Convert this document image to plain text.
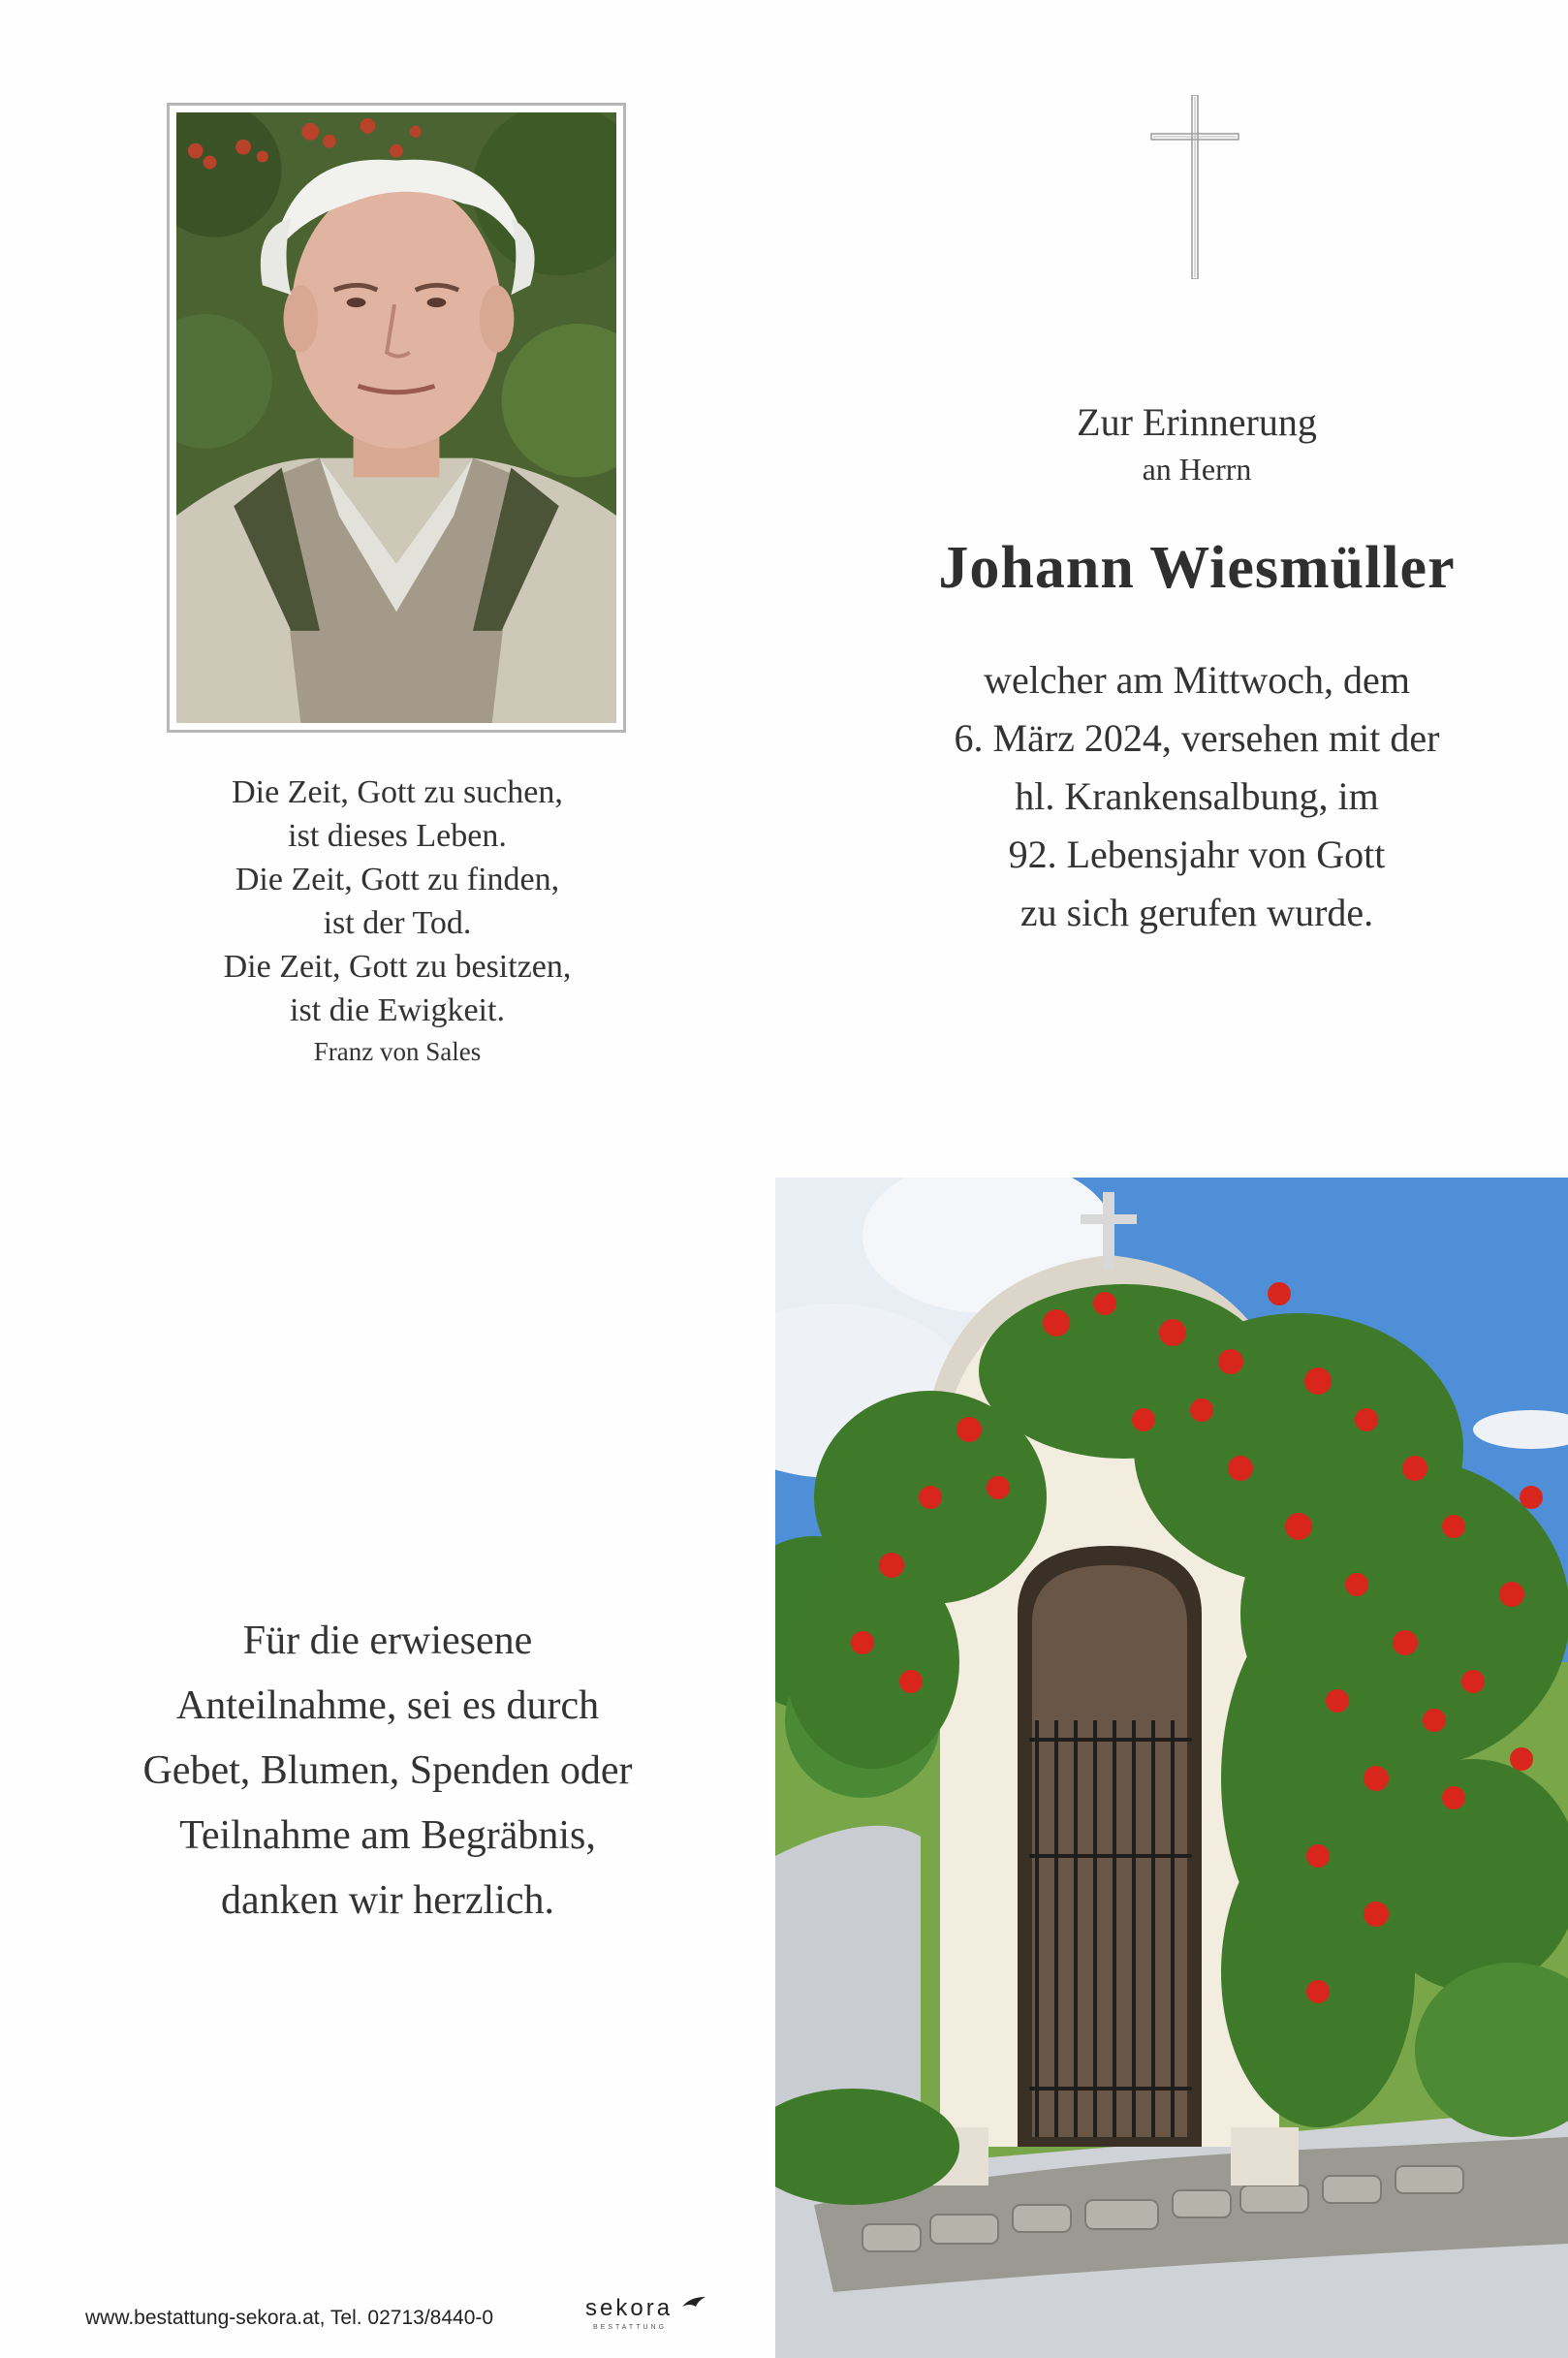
Die Zeit, Gott zu suchen,
ist dieses Leben.
Die Zeit, Gott zu finden,
ist der Tod.
Die Zeit, Gott zu besitzen,
ist die Ewigkeit.
Franz von Sales
Zur Erinnerung
an Herrn
Johann Wiesmüller
welcher am Mittwoch, dem
6. März 2024, versehen mit der
hl. Krankensalbung, im
92. Lebensjahr von Gott
zu sich gerufen wurde.
Für die erwiesene
Anteilnahme, sei es durch
Gebet, Blumen, Spenden oder
Teilnahme am Begräbnis,
danken wir herzlich.
www.bestattung-sekora.at, Tel. 02713/8440-0	sekora
BESTATTUNG
